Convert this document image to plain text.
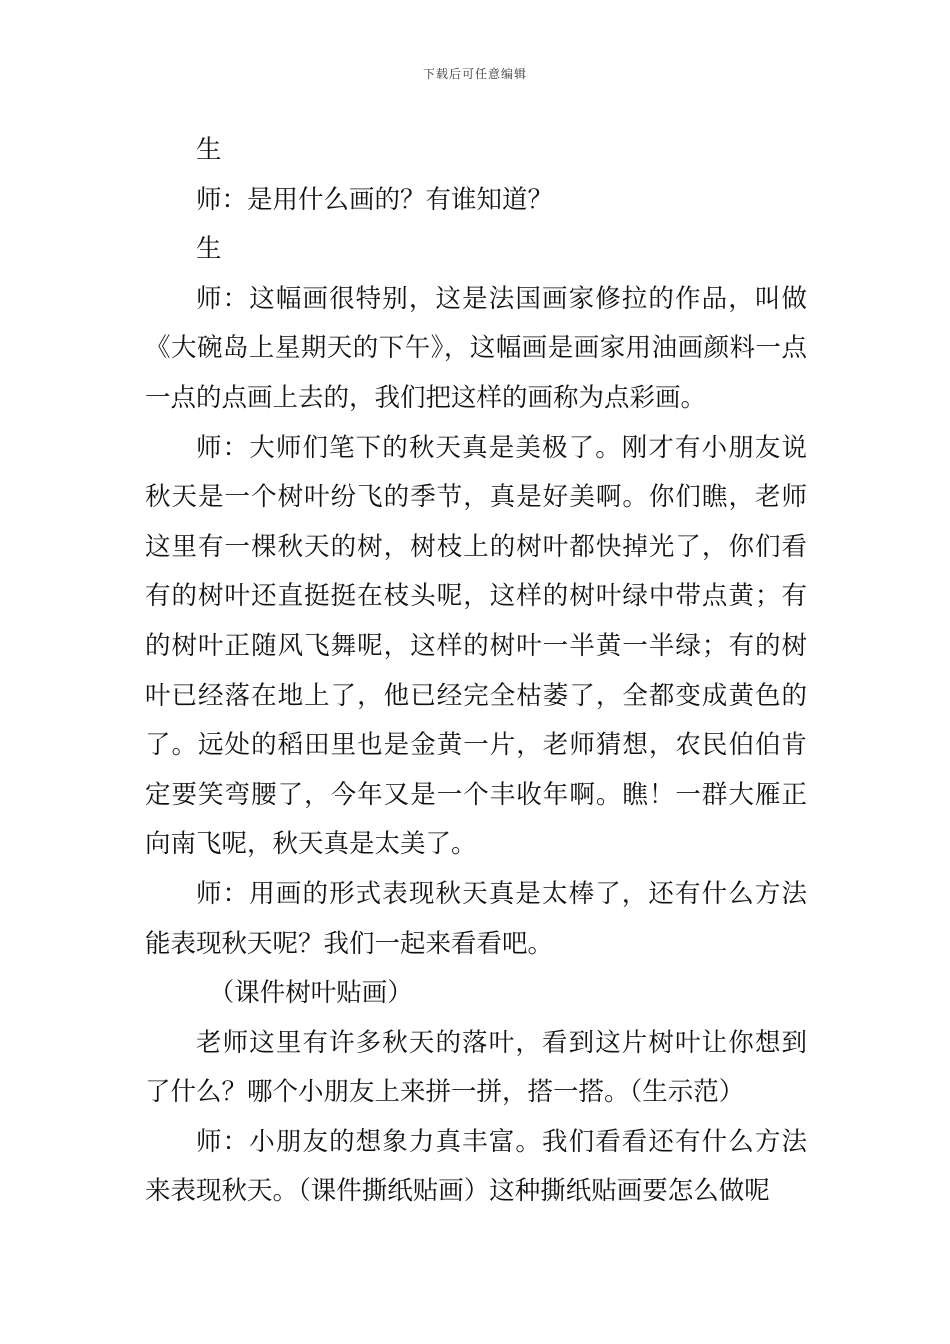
下载后可任意编辑

生

师：是用什么画的？有谁知道？

生

师：这幅画很特别，这是法国画家修拉的作品，叫做《大碗岛上星期天的下午》，这幅画是画家用油画颜料一点一点的点画上去的，我们把这样的画称为点彩画。

师：大师们笔下的秋天真是美极了。刚才有小朋友说秋天是一个树叶纷飞的季节，真是好美啊。你们瞧，老师这里有一棵秋天的树，树枝上的树叶都快掉光了，你们看有的树叶还直挺挺在枝头呢，这样的树叶绿中带点黄；有的树叶正随风飞舞呢，这样的树叶一半黄一半绿；有的树叶已经落在地上了，他已经完全枯萎了，全都变成黄色的了。远处的稻田里也是金黄一片，老师猜想，农民伯伯肯定要笑弯腰了，今年又是一个丰收年啊。瞧！一群大雁正向南飞呢，秋天真是太美了。

师：用画的形式表现秋天真是太棒了，还有什么方法能表现秋天呢？我们一起来看看吧。

（课件树叶贴画）

老师这里有许多秋天的落叶，看到这片树叶让你想到了什么？哪个小朋友上来拼一拼，搭一搭。（生示范）

师：小朋友的想象力真丰富。我们看看还有什么方法来表现秋天。（课件撕纸贴画）这种撕纸贴画要怎么做呢
